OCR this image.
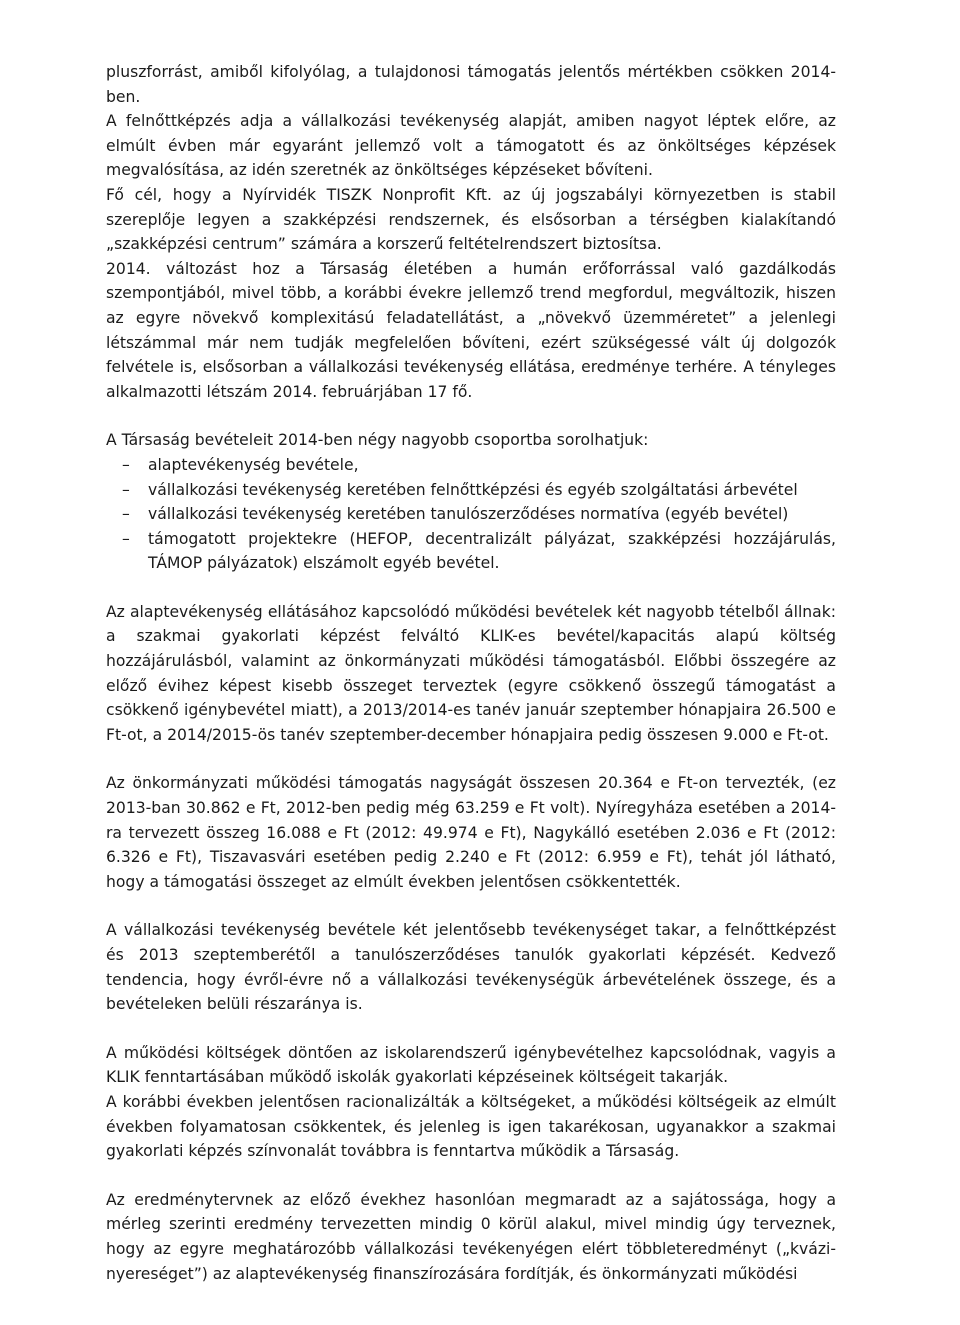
pluszforrást, amiből kifolyólag, a tulajdonosi támogatás jelentős mértékben csökken 2014-ben.

A felnőttképzés adja a vállalkozási tevékenység alapját, amiben nagyot léptek előre, az elmúlt évben már egyaránt jellemző volt a támogatott és az önköltséges képzések megvalósítása, az idén szeretnék az önköltséges képzéseket bővíteni.

Fő cél, hogy a Nyírvidék TISZK Nonprofit Kft. az új jogszabályi környezetben is stabil szereplője legyen a szakképzési rendszernek, és elsősorban a térségben kialakítandó „szakképzési centrum” számára a korszerű feltételrendszert biztosítsa.

2014. változást hoz a Társaság életében a humán erőforrással való gazdálkodás szempontjából, mivel több, a korábbi évekre jellemző trend megfordul, megváltozik, hiszen az egyre növekvő komplexitású feladatellátást, a „növekvő üzemméretet” a jelenlegi létszámmal már nem tudják megfelelően bővíteni, ezért szükségessé vált új dolgozók felvétele is, elsősorban a vállalkozási tevékenység ellátása, eredménye terhére. A tényleges alkalmazotti létszám 2014. februárjában 17 fő.

A Társaság bevételeit 2014-ben négy nagyobb csoportba sorolhatjuk:

– alaptevékenység bevétele,
– vállalkozási tevékenység keretében felnőttképzési és egyéb szolgáltatási árbevétel
– vállalkozási tevékenység keretében tanulószerződéses normatíva (egyéb bevétel)
– támogatott projektekre (HEFOP, decentralizált pályázat, szakképzési hozzájárulás, TÁMOP pályázatok) elszámolt egyéb bevétel.

Az alaptevékenység ellátásához kapcsolódó működési bevételek két nagyobb tételből állnak: a szakmai gyakorlati képzést felváltó KLIK-es bevétel/kapacitás alapú költség hozzájárulásból, valamint az önkormányzati működési támogatásból. Előbbi összegére az előző évihez képest kisebb összeget terveztek (egyre csökkenő összegű támogatást a csökkenő igénybevétel miatt), a 2013/2014-es tanév január szeptember hónapjaira 26.500 e Ft-ot, a 2014/2015-ös tanév szeptember-december hónapjaira pedig összesen 9.000 e Ft-ot.

Az önkormányzati működési támogatás nagyságát összesen 20.364 e Ft-on tervezték, (ez 2013-ban 30.862 e Ft, 2012-ben pedig még 63.259 e Ft volt). Nyíregyháza esetében a 2014-ra tervezett összeg 16.088 e Ft (2012: 49.974 e Ft), Nagykálló esetében 2.036 e Ft (2012: 6.326 e Ft), Tiszavasvári esetében pedig 2.240 e Ft (2012: 6.959 e Ft), tehát jól látható, hogy a támogatási összeget az elmúlt években jelentősen csökkentették.

A vállalkozási tevékenység bevétele két jelentősebb tevékenységet takar, a felnőttképzést és 2013 szeptemberétől a tanulószerződéses tanulók gyakorlati képzését. Kedvező tendencia, hogy évről-évre nő a vállalkozási tevékenységük árbevételének összege, és a bevételeken belüli részaránya is.

A működési költségek döntően az iskolarendszerű igénybevételhez kapcsolódnak, vagyis a KLIK fenntartásában működő iskolák gyakorlati képzéseinek költségeit takarják.

A korábbi években jelentősen racionalizálták a költségeket, a működési költségeik az elmúlt években folyamatosan csökkentek, és jelenleg is igen takarékosan, ugyanakkor a szakmai gyakorlati képzés színvonalát továbbra is fenntartva működik a Társaság.

Az eredménytervnek az előző évekhez hasonlóan megmaradt az a sajátossága, hogy a mérleg szerinti eredmény tervezetten mindig 0 körül alakul, mivel mindig úgy terveznek, hogy az egyre meghatározóbb vállalkozási tevékenyégen elért többleteredményt („kvázi-nyereséget”) az alaptevékenység finanszírozására fordítják, és önkormányzati működési
